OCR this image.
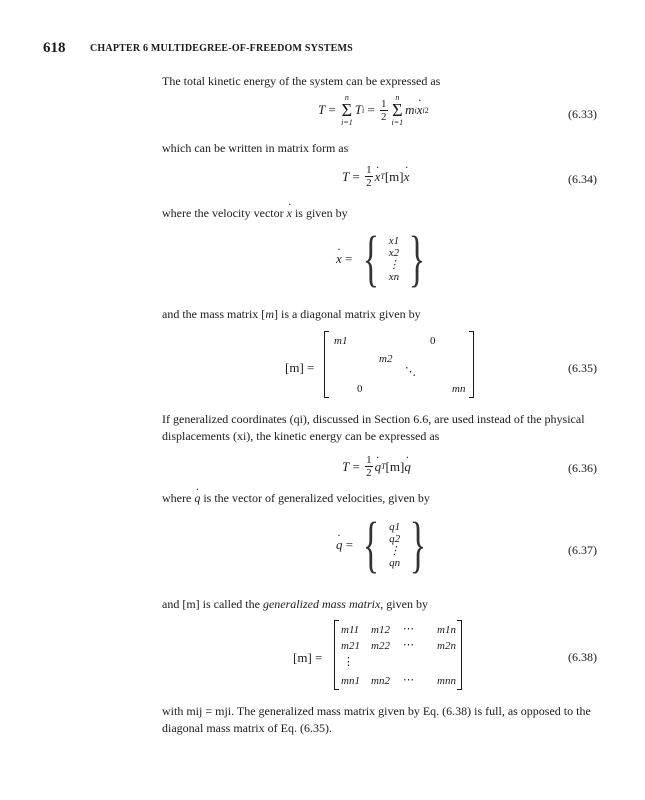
618 CHAPTER 6 MULTIDEGREE-OF-FREEDOM SYSTEMS

The total kinetic energy of the system can be expressed as

T =
n
Σ
i=1
T $i = \frac{1}{2}$ n
Σ
i=1
m i
· x i 2	(6.33)

which can be written in matrix form as

$T = \frac{1}{2}$
· x T [m]
· x	(6.34)

where the velocity vector · x is given by

· x = { x1
x2
⋮
xn }

and the mass matrix [m] is a diagonal matrix given by

[m] =
m1	0
m2
⋱
0	mn
(6.35)

If generalized coordinates (qi), discussed in Section 6.6, are used instead of the physical displacements (xi), the kinetic energy can be expressed as

$T = \frac{1}{2}$
· q T [m]
· q	(6.36)

where · q is the vector of generalized velocities, given by

· q = { q1
q2
⋮
qn }	(6.37)

and [m] is called the generalized mass matrix, given by

[m] =
m11 m12 ⋯ m1n
m21 m22 ⋯ m2n
⋮
mn1 mn2 ⋯ mnn
(6.38)

with mij = mji. The generalized mass matrix given by Eq. (6.38) is full, as opposed to the diagonal mass matrix of Eq. (6.35).
